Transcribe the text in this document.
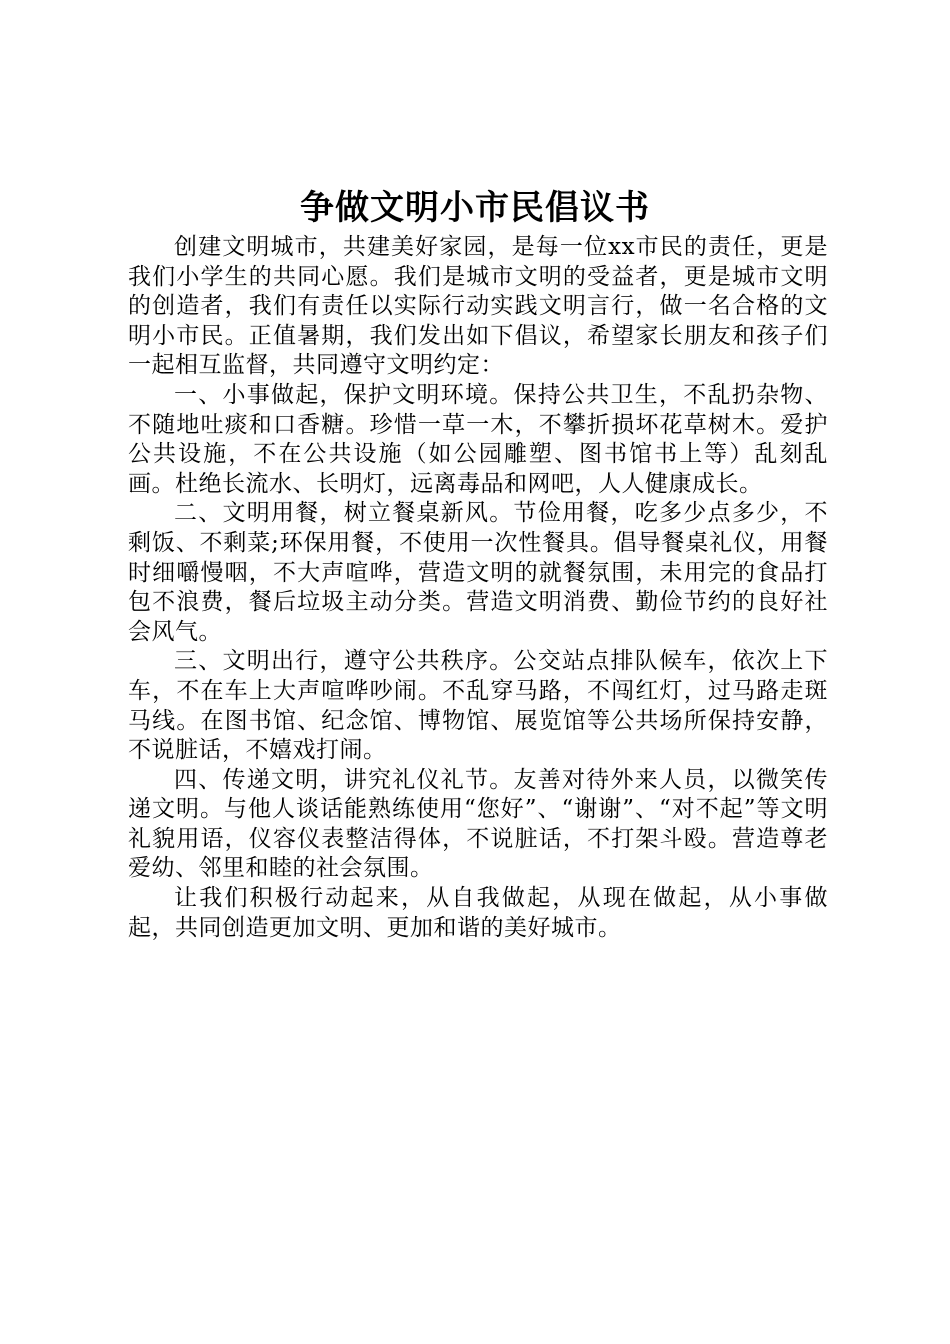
争做文明小市民倡议书

创建文明城市，共建美好家园，是每一位xx市民的责任，更是我们小学生的共同心愿。我们是城市文明的受益者，更是城市文明的创造者，我们有责任以实际行动实践文明言行，做一名合格的文明小市民。正值暑期，我们发出如下倡议，希望家长朋友和孩子们一起相互监督，共同遵守文明约定：

一、小事做起，保护文明环境。保持公共卫生，不乱扔杂物、不随地吐痰和口香糖。珍惜一草一木，不攀折损坏花草树木。爱护公共设施，不在公共设施（如公园雕塑、图书馆书上等）乱刻乱画。杜绝长流水、长明灯，远离毒品和网吧，人人健康成长。

二、文明用餐，树立餐桌新风。节俭用餐，吃多少点多少，不剩饭、不剩菜;环保用餐，不使用一次性餐具。倡导餐桌礼仪，用餐时细嚼慢咽，不大声喧哗，营造文明的就餐氛围，未用完的食品打包不浪费，餐后垃圾主动分类。营造文明消费、勤俭节约的良好社会风气。

三、文明出行，遵守公共秩序。公交站点排队候车，依次上下车，不在车上大声喧哗吵闹。不乱穿马路，不闯红灯，过马路走斑马线。在图书馆、纪念馆、博物馆、展览馆等公共场所保持安静，不说脏话，不嬉戏打闹。

四、传递文明，讲究礼仪礼节。友善对待外来人员，以微笑传递文明。与他人谈话能熟练使用“您好”、“谢谢”、“对不起”等文明礼貌用语，仪容仪表整洁得体，不说脏话，不打架斗殴。营造尊老爱幼、邻里和睦的社会氛围。

让我们积极行动起来，从自我做起，从现在做起，从小事做起，共同创造更加文明、更加和谐的美好城市。
